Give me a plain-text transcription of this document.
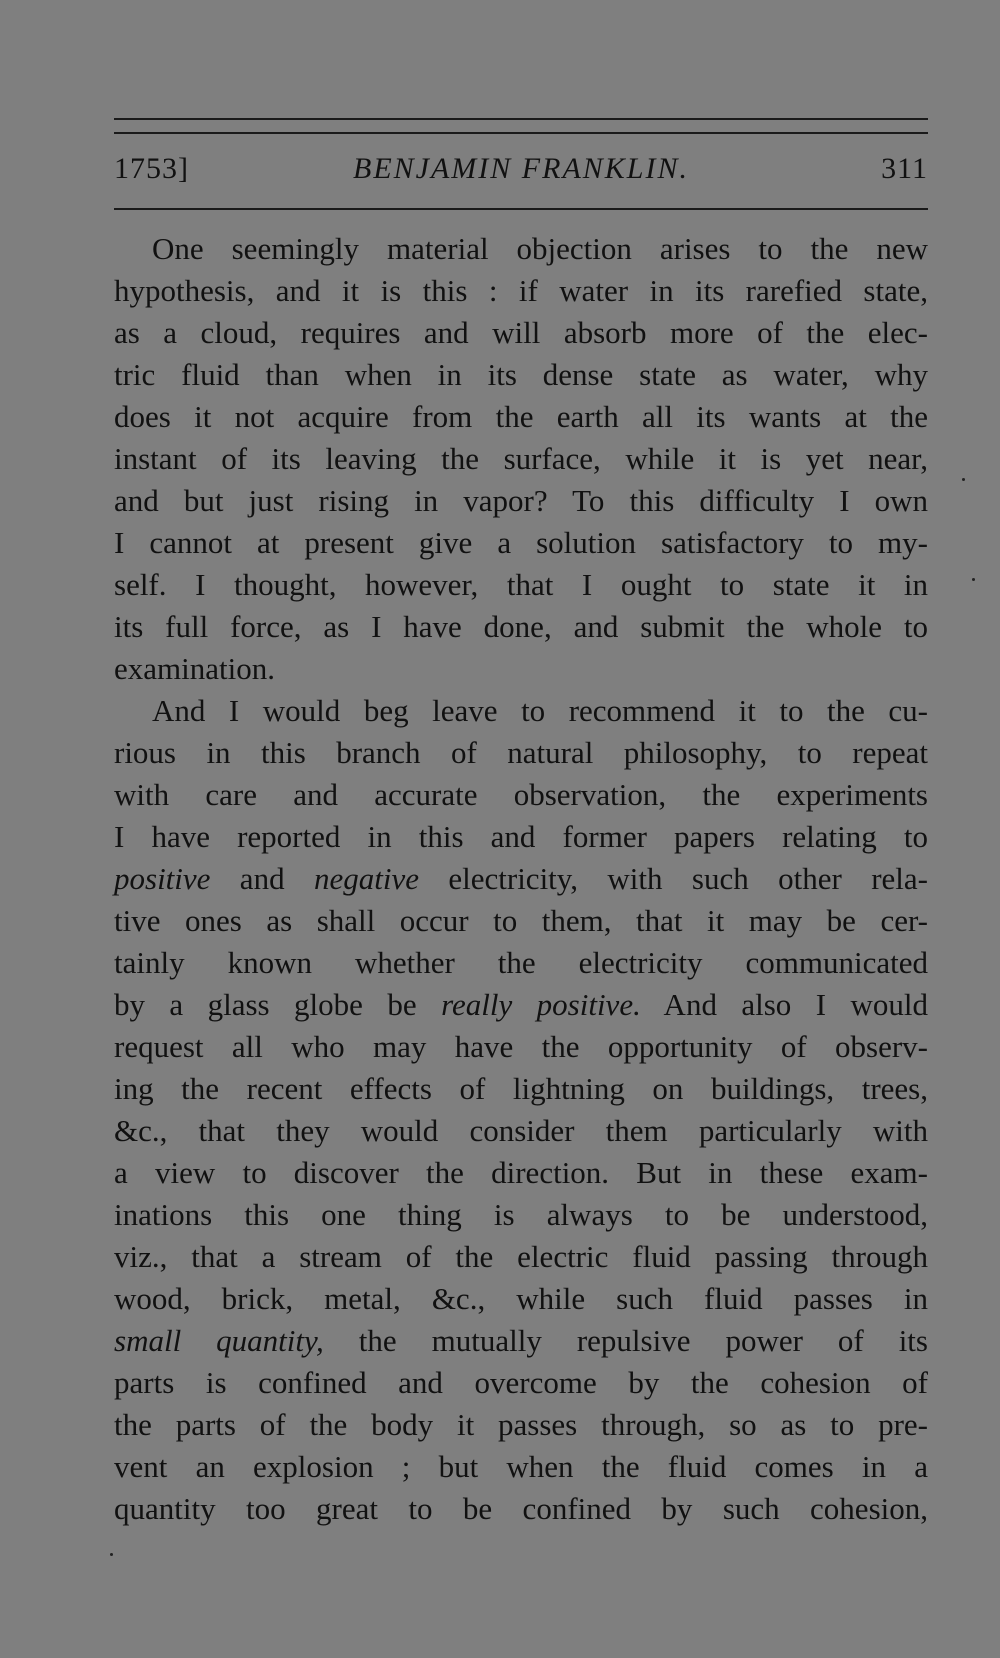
1753]	BENJAMIN FRANKLIN.	311
One seemingly material objection arises to the new
hypothesis, and it is this : if water in its rarefied state,
as a cloud, requires and will absorb more of the elec-
tric fluid than when in its dense state as water, why
does it not acquire from the earth all its wants at the
instant of its leaving the surface, while it is yet near,
and but just rising in vapor? To this difficulty I own
I cannot at present give a solution satisfactory to my-
self. I thought, however, that I ought to state it in
its full force, as I have done, and submit the whole to
examination.
And I would beg leave to recommend it to the cu-
rious in this branch of natural philosophy, to repeat
with care and accurate observation, the experiments
I have reported in this and former papers relating to
positive and negative electricity, with such other rela-
tive ones as shall occur to them, that it may be cer-
tainly known whether the electricity communicated
by a glass globe be really positive. And also I would
request all who may have the opportunity of observ-
ing the recent effects of lightning on buildings, trees,
&c., that they would consider them particularly with
a view to discover the direction. But in these exam-
inations this one thing is always to be understood,
viz., that a stream of the electric fluid passing through
wood, brick, metal, &c., while such fluid passes in
small quantity, the mutually repulsive power of its
parts is confined and overcome by the cohesion of
the parts of the body it passes through, so as to pre-
vent an explosion ; but when the fluid comes in a
quantity too great to be confined by such cohesion,
